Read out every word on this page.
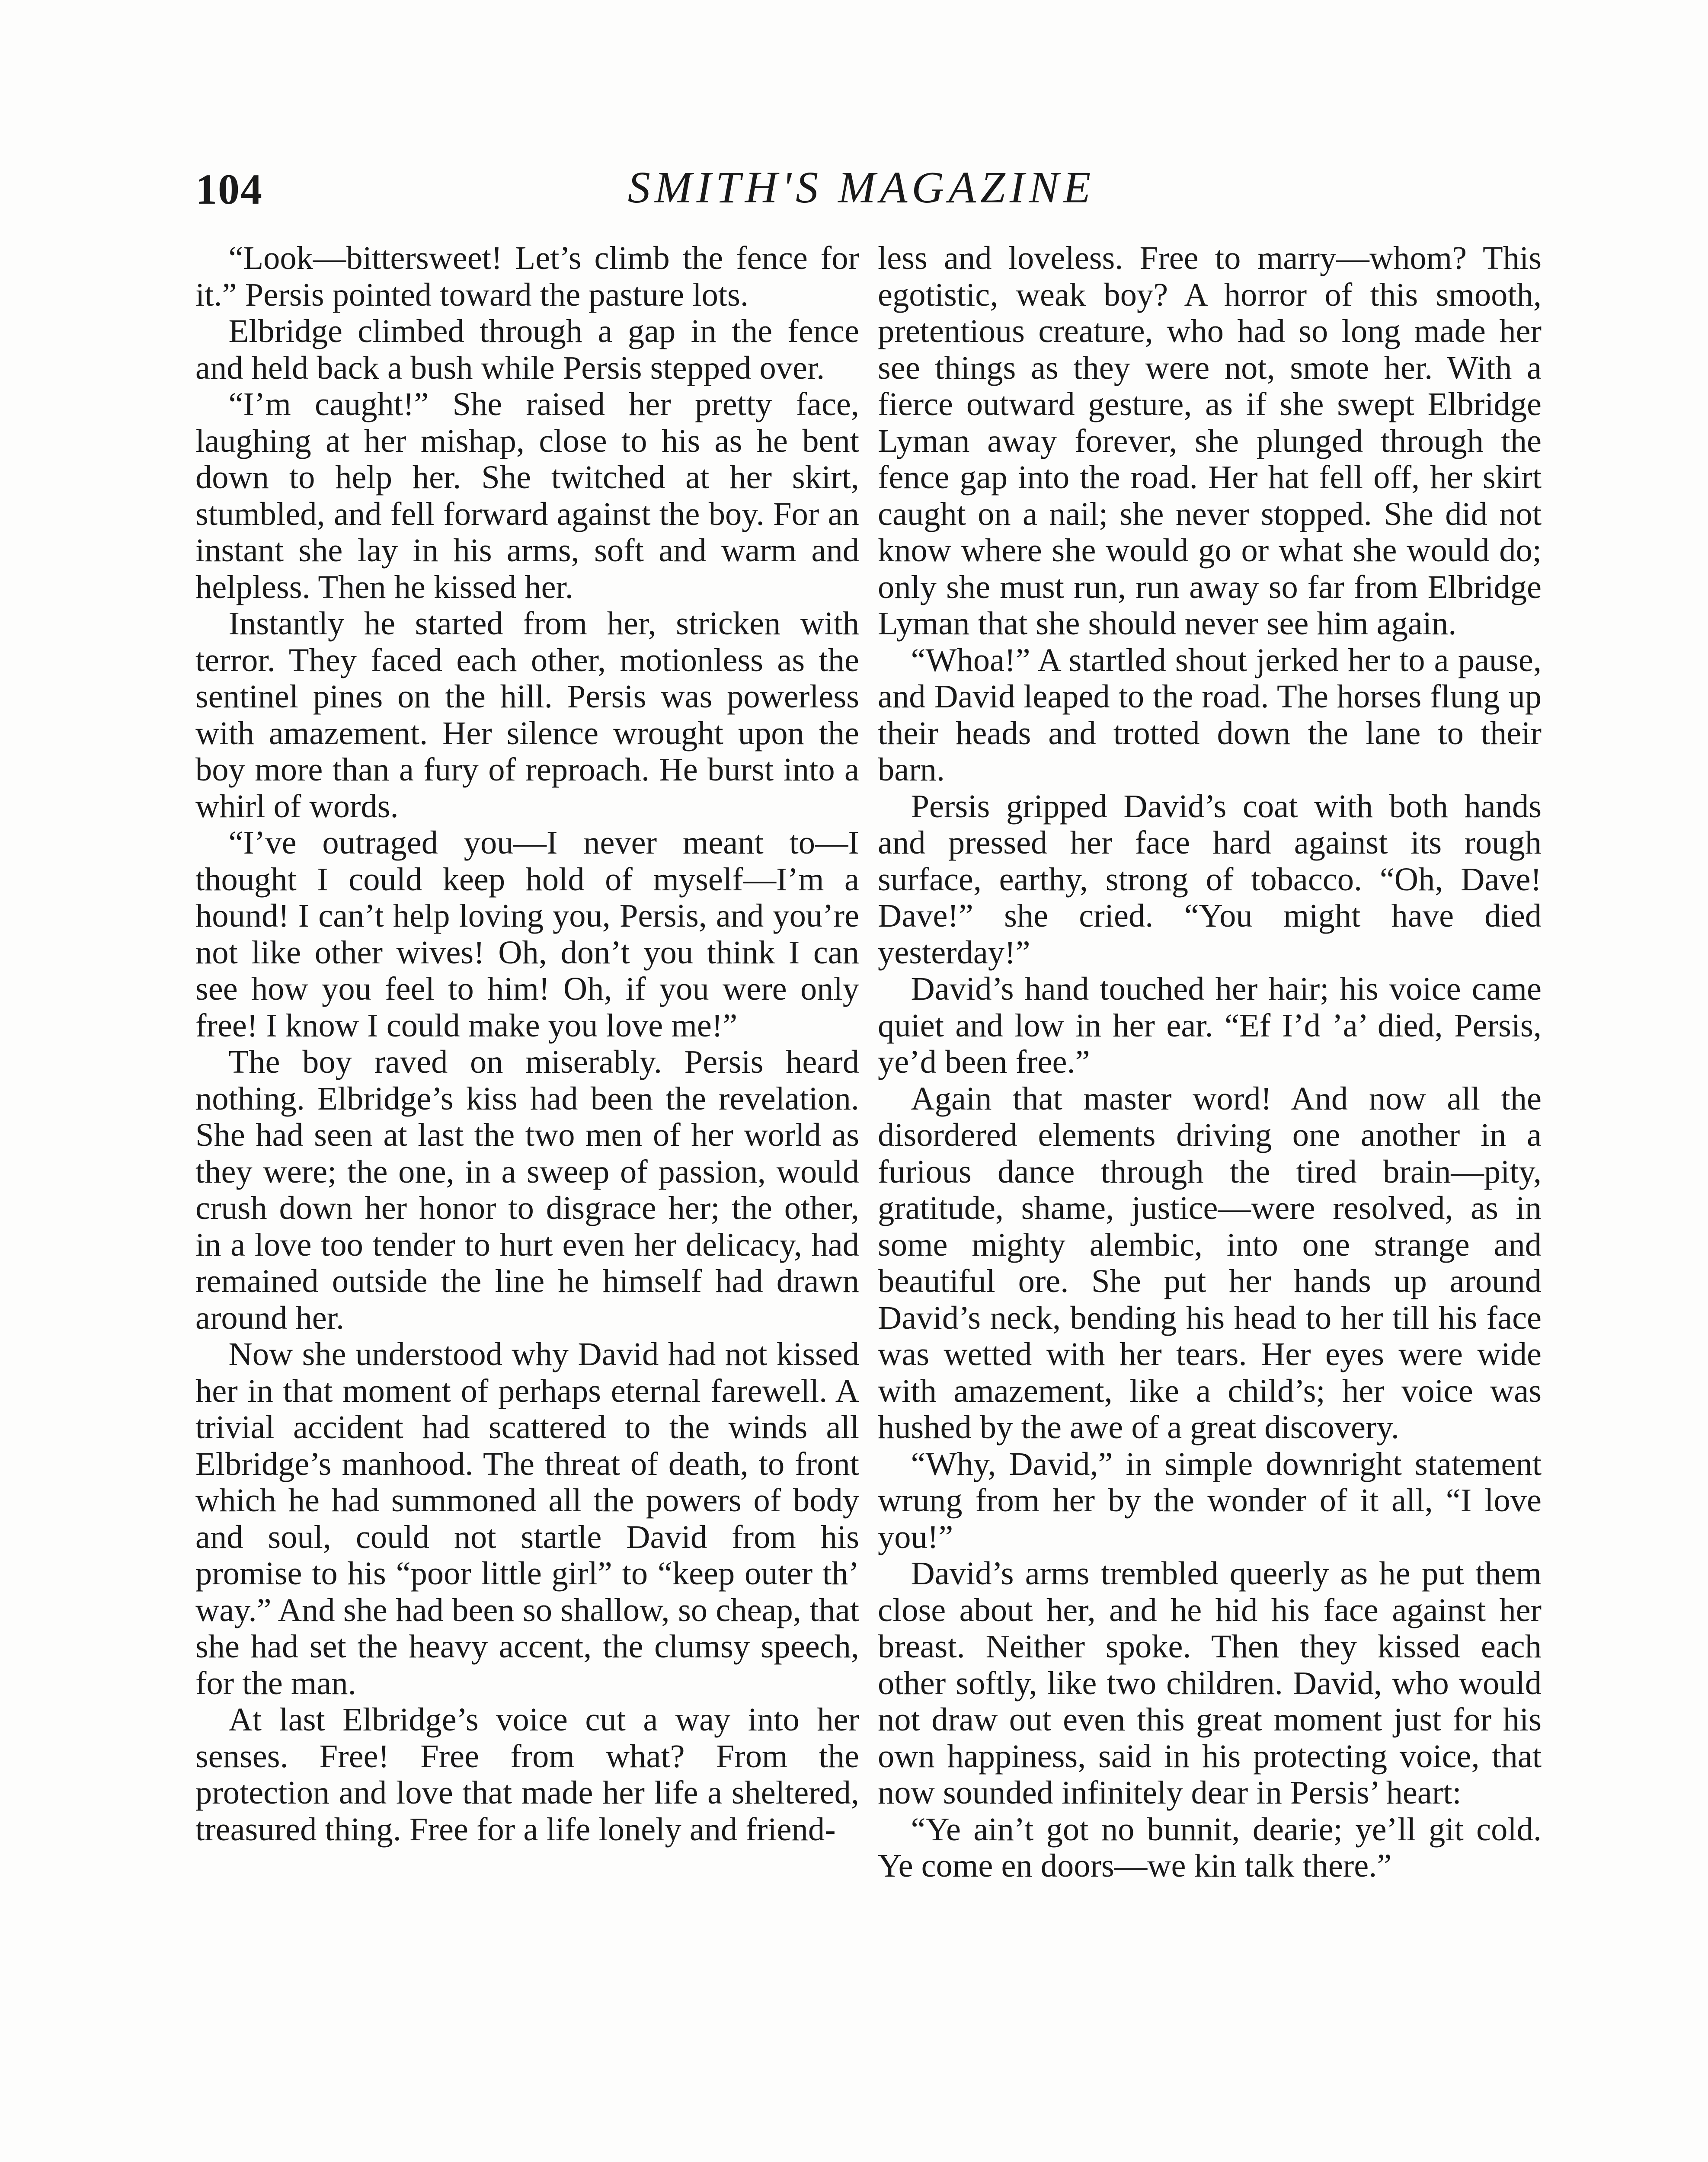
104	SMITH'S MAGAZINE

“Look—bittersweet! Let’s climb the fence for it.” Persis pointed toward the pasture lots.

Elbridge climbed through a gap in the fence and held back a bush while Persis stepped over.

“I’m caught!” She raised her pretty face, laughing at her mishap, close to his as he bent down to help her. She twitched at her skirt, stumbled, and fell forward against the boy. For an instant she lay in his arms, soft and warm and helpless. Then he kissed her.

Instantly he started from her, stricken with terror. They faced each other, motionless as the sentinel pines on the hill. Persis was powerless with amazement. Her silence wrought upon the boy more than a fury of reproach. He burst into a whirl of words.

“I’ve outraged you—I never meant to—I thought I could keep hold of myself—I’m a hound! I can’t help loving you, Persis, and you’re not like other wives! Oh, don’t you think I can see how you feel to him! Oh, if you were only free! I know I could make you love me!”

The boy raved on miserably. Persis heard nothing. Elbridge’s kiss had been the revelation. She had seen at last the two men of her world as they were; the one, in a sweep of passion, would crush down her honor to disgrace her; the other, in a love too tender to hurt even her delicacy, had remained outside the line he himself had drawn around her.

Now she understood why David had not kissed her in that moment of perhaps eternal farewell. A trivial accident had scattered to the winds all Elbridge’s manhood. The threat of death, to front which he had summoned all the powers of body and soul, could not startle David from his promise to his “poor little girl” to “keep outer th’ way.” And she had been so shallow, so cheap, that she had set the heavy accent, the clumsy speech, for the man.

At last Elbridge’s voice cut a way into her senses. Free! Free from what? From the protection and love that made her life a sheltered, treasured thing. Free for a life lonely and friend-

less and loveless. Free to marry—whom? This egotistic, weak boy? A horror of this smooth, pretentious creature, who had so long made her see things as they were not, smote her. With a fierce outward gesture, as if she swept Elbridge Lyman away forever, she plunged through the fence gap into the road. Her hat fell off, her skirt caught on a nail; she never stopped. She did not know where she would go or what she would do; only she must run, run away so far from Elbridge Lyman that she should never see him again.

“Whoa!” A startled shout jerked her to a pause, and David leaped to the road. The horses flung up their heads and trotted down the lane to their barn.

Persis gripped David’s coat with both hands and pressed her face hard against its rough surface, earthy, strong of tobacco. “Oh, Dave! Dave!” she cried. “You might have died yesterday!”

David’s hand touched her hair; his voice came quiet and low in her ear. “Ef I’d ’a’ died, Persis, ye’d been free.”

Again that master word! And now all the disordered elements driving one another in a furious dance through the tired brain—pity, gratitude, shame, justice—were resolved, as in some mighty alembic, into one strange and beautiful ore. She put her hands up around David’s neck, bending his head to her till his face was wetted with her tears. Her eyes were wide with amazement, like a child’s; her voice was hushed by the awe of a great discovery.

“Why, David,” in simple downright statement wrung from her by the wonder of it all, “I love you!”

David’s arms trembled queerly as he put them close about her, and he hid his face against her breast. Neither spoke. Then they kissed each other softly, like two children. David, who would not draw out even this great moment just for his own happiness, said in his protecting voice, that now sounded infinitely dear in Persis’ heart:

“Ye ain’t got no bunnit, dearie; ye’ll git cold. Ye come en doors—we kin talk there.”
